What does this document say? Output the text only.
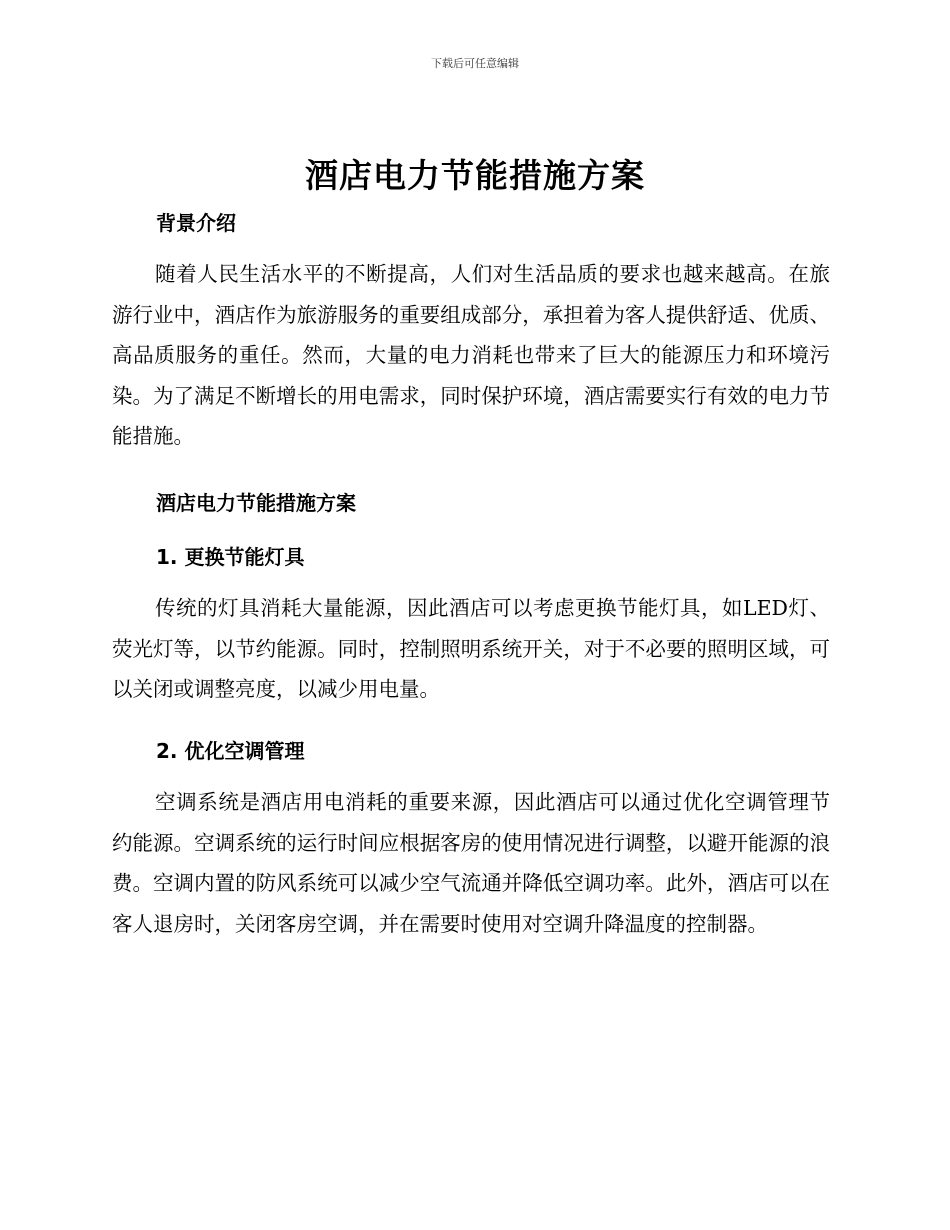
下载后可任意编辑
酒店电力节能措施方案
背景介绍

随着人民生活水平的不断提高，人们对生活品质的要求也越来越高。在旅游行业中，酒店作为旅游服务的重要组成部分，承担着为客人提供舒适、优质、高品质服务的重任。然而，大量的电力消耗也带来了巨大的能源压力和环境污染。为了满足不断增长的用电需求，同时保护环境，酒店需要实行有效的电力节能措施。

酒店电力节能措施方案
1. 更换节能灯具

传统的灯具消耗大量能源，因此酒店可以考虑更换节能灯具，如LED灯、荧光灯等，以节约能源。同时，控制照明系统开关，对于不必要的照明区域，可以关闭或调整亮度，以减少用电量。

2. 优化空调管理

空调系统是酒店用电消耗的重要来源，因此酒店可以通过优化空调管理节约能源。空调系统的运行时间应根据客房的使用情况进行调整，以避开能源的浪费。空调内置的防风系统可以减少空气流通并降低空调功率。此外，酒店可以在客人退房时，关闭客房空调，并在需要时使用对空调升降温度的控制器。
